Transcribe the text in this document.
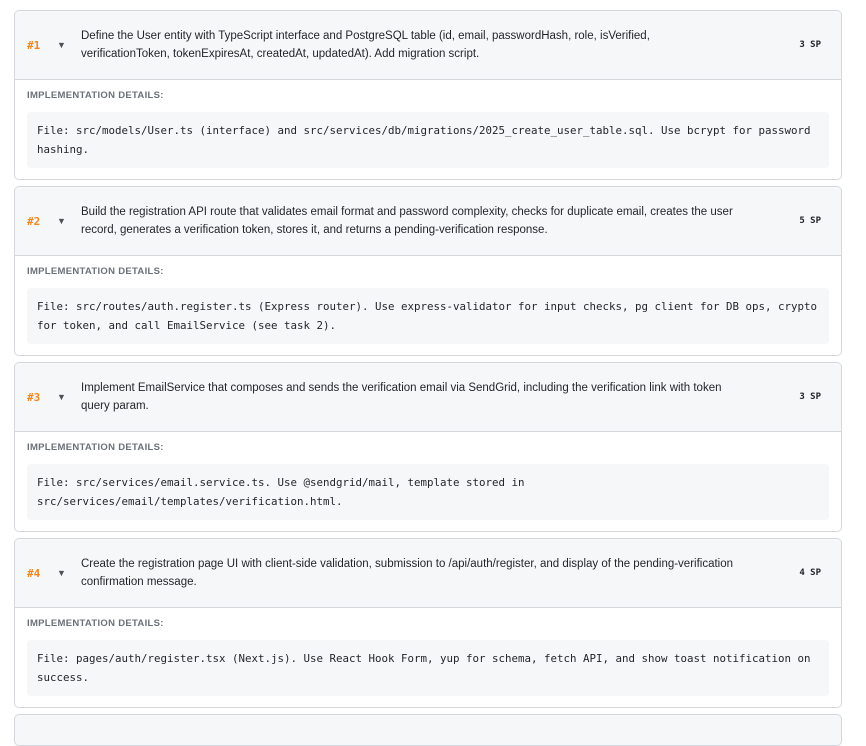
#1	▼
Define the User entity with TypeScript interface and PostgreSQL table (id, email, passwordHash, role, isVerified, verificationToken, tokenExpiresAt, createdAt, updatedAt). Add migration script.
3 SP
IMPLEMENTATION DETAILS:
File: src/models/User.ts (interface) and src/services/db/migrations/2025_create_user_table.sql. Use bcrypt for password hashing.
#2	▼
Build the registration API route that validates email format and password complexity, checks for duplicate email, creates the user record, generates a verification token, stores it, and returns a pending-verification response.
5 SP
IMPLEMENTATION DETAILS:
File: src/routes/auth.register.ts (Express router). Use express-validator for input checks, pg client for DB ops, crypto for token, and call EmailService (see task 2).
#3	▼
Implement EmailService that composes and sends the verification email via SendGrid, including the verification link with token query param.
3 SP
IMPLEMENTATION DETAILS:
File: src/services/email.service.ts. Use @sendgrid/mail, template stored in src/services/email/templates/verification.html.
#4	▼
Create the registration page UI with client-side validation, submission to /api/auth/register, and display of the pending-verification confirmation message.
4 SP
IMPLEMENTATION DETAILS:
File: pages/auth/register.tsx (Next.js). Use React Hook Form, yup for schema, fetch API, and show toast notification on success.
